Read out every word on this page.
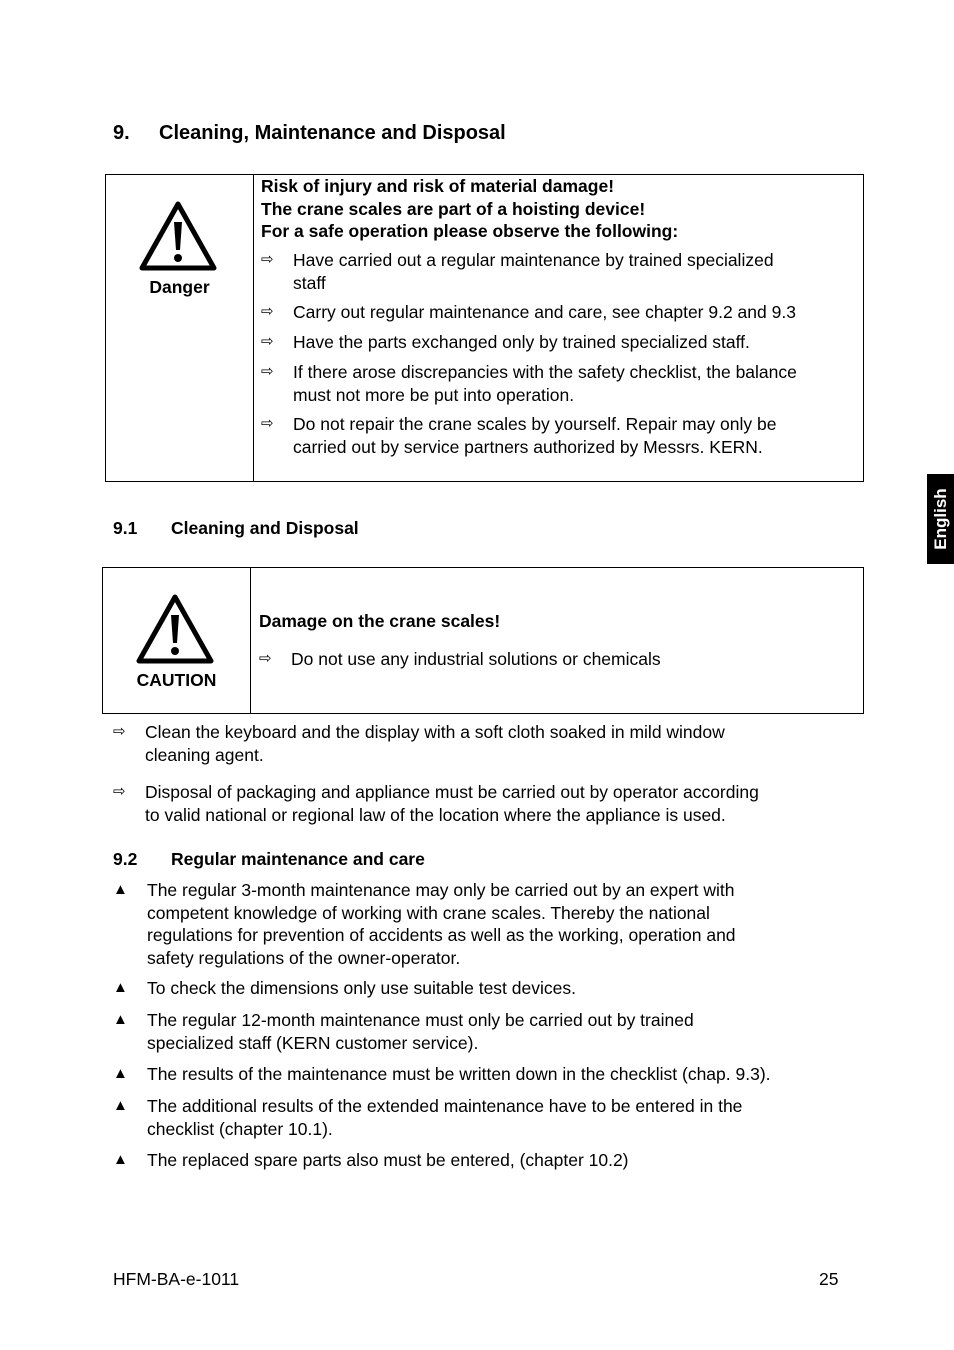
9. Cleaning, Maintenance and Disposal
Danger
Risk of injury and risk of material damage!
The crane scales are part of a hoisting device!
For a safe operation please observe the following:
⇨ Have carried out a regular maintenance by trained specialized
staff
⇨ Carry out regular maintenance and care, see chapter 9.2 and 9.3
⇨ Have the parts exchanged only by trained specialized staff.
⇨ If there arose discrepancies with the safety checklist, the balance
must not more be put into operation.
⇨ Do not repair the crane scales by yourself. Repair may only be
carried out by service partners authorized by Messrs. KERN.
9.1 Cleaning and Disposal	English
CAUTION
Damage on the crane scales!
⇨ Do not use any industrial solutions or chemicals
⇨ Clean the keyboard and the display with a soft cloth soaked in mild window
cleaning agent.
⇨ Disposal of packaging and appliance must be carried out by operator according
to valid national or regional law of the location where the appliance is used.
9.2 Regular maintenance and care
▲ The regular 3-month maintenance may only be carried out by an expert with
competent knowledge of working with crane scales. Thereby the national
regulations for prevention of accidents as well as the working, operation and
safety regulations of the owner-operator.
▲ To check the dimensions only use suitable test devices.
▲ The regular 12-month maintenance must only be carried out by trained
specialized staff (KERN customer service).
▲ The results of the maintenance must be written down in the checklist (chap. 9.3).
▲ The additional results of the extended maintenance have to be entered in the
checklist (chapter 10.1).
▲ The replaced spare parts also must be entered, (chapter 10.2)
HFM-BA-e-1011	25
